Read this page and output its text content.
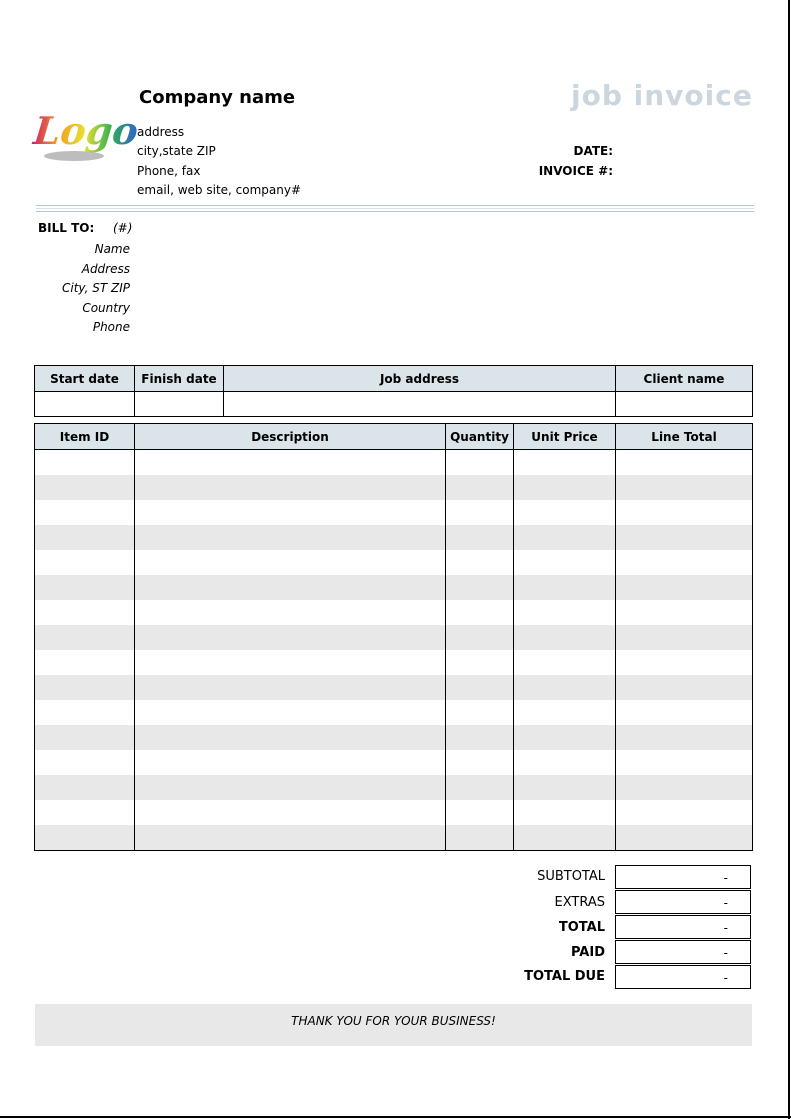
Logo
Company name
address
city,state ZIP
Phone, fax
email, web site, company#
job invoice
DATE:
INVOICE #:
BILL TO: (#)
Name
Address
City, ST ZIP
Country
Phone
Start date	Finish date	Job address	Client name

Item ID	Description	Quantity	Unit Price	Line Total

SUBTOTAL	-
EXTRAS	-
TOTAL	-
PAID	-
TOTAL DUE	-
THANK YOU FOR YOUR BUSINESS!
